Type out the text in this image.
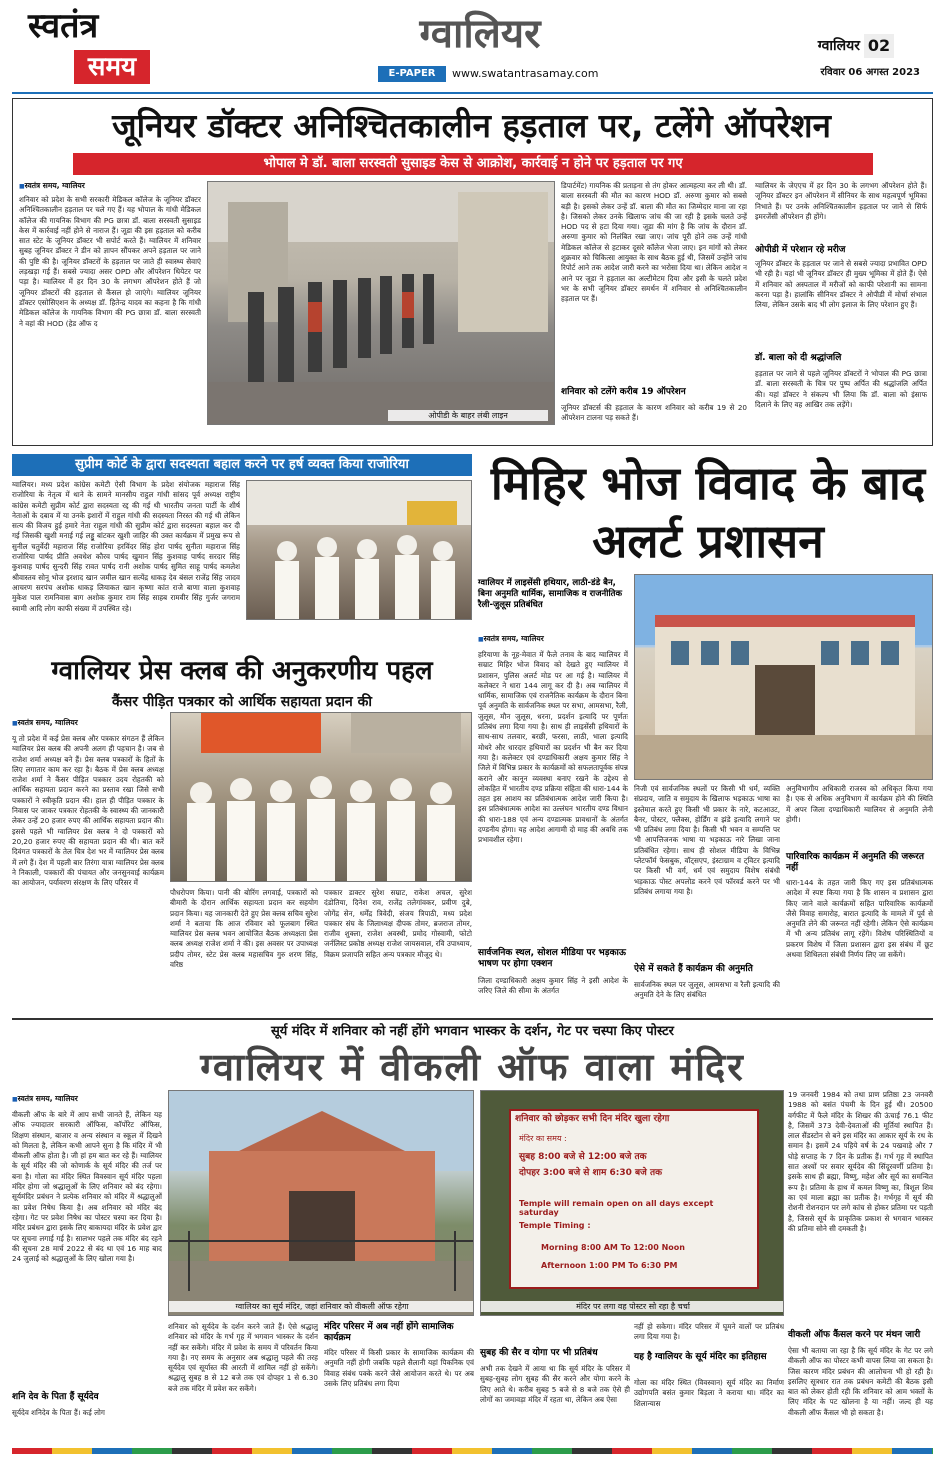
स्वतंत्र
समय
ग्वालियर
E-PAPER	www.swatantrasamay.com
ग्वालियर 02
रविवार 06 अगस्त 2023
जूनियर डॉक्टर अनिश्चितकालीन हड़ताल पर, टलेंगे ऑपरेशन
भोपाल मे डॉ. बाला सरस्वती सुसाइड केस से आक्रोश, कार्रवाई न होने पर हड़ताल पर गए
■ स्वतंत्र समय, ग्वालियर
शनिवार को प्रदेश के सभी सरकारी मेडिकल कॉलेज के जूनियर डॉक्टर अनिश्चितकालीन हड़ताल पर चले गए हैं। यह भोपाल के गांधी मेडिकल कॉलेज की गायनिक विभाग की PG छात्रा डॉ. बाला सरस्वती सुसाइड केस में कार्रवाई नहीं होने से नाराज हैं। जूडा की इस हड़ताल को करीब सात स्टेट के जूनियर डॉक्टर भी सपोर्ट करते हैं। ग्वालियर में शनिवार सुबह जूनियर डॉक्टर ने डीन को ज्ञापन सौंपकर अपने हड़ताल पर जाने की पुष्टि की है। जूनियर डॉक्टरों के हड़ताल पर जाते ही स्वास्थ्य सेवाएं लड़खड़ा गई हैं। सबसे ज्यादा असर OPD और ऑपरेशन थियेटर पर पड़ा है। ग्वालियर में हर दिन 30 के लगभग ऑपरेशन होते हैं जो जूनियर डॉक्टरों की हड़ताल से कैंसल हो जाएंगे। ग्वालियर जूनियर डॉक्टर एसोसिएशन के अध्यक्ष डॉ. हितेन्द्र यादव का कहना है कि गांधी मेडिकल कॉलेज के गायनिक विभाग की PG छात्रा डॉ. बाला सरस्वती ने वहां की HOD (हेड ऑफ द
ओपीडी के बाहर लंबी लाइन
डिपार्टमेंट) गायनिक की प्रताड़ना से तंग होकर आत्महत्या कर ली थी। डॉ. बाला सरस्वती की मौत का कारण HOD डॉ. अरुणा कुमार को सबसे बड़ी है। इसको लेकर उन्हें डॉ. बाला की मौत का जिम्मेदार माना जा रहा है। जिसको लेकर उनके खिलाफ जांच की जा रही है इसके चलते उन्हें HOD पद से हटा दिया गया। जूडा की मांग है कि जांच के दौरान डॉ. अरुणा कुमार को निलंबित रखा जाए। जांच पूरी होने तक उन्हें गांधी मेडिकल कॉलेज से हटाकर दूसरे कॉलेज भेजा जाए। इन मांगों को लेकर शुक्रवार को चिकित्सा आयुक्त के साथ बैठक हुई थी, जिसमें उन्होंने जांच रिपोर्ट आने तक आदेश जारी करने का भरोसा दिया था। लेकिन आदेश न आने पर जूडा ने हड़ताल का अल्टीमेटम दिया और इसी के चलते प्रदेश भर के सभी जूनियर डॉक्टर समर्थन में शनिवार से अनिश्चितकालीन हड़ताल पर हैं।
शनिवार को टलेंगे करीब 19 ऑपरेशन
जूनियर डॉक्टर्स की हड़ताल के कारण शनिवार को करीब 19 से 20 ऑपरेशन टालना पड़ सकते हैं।
ग्वालियर के जेएएच में हर दिन 30 के लगभग ऑपरेशन होते हैं। जूनियर डॉक्टर इन ऑपरेशन में सीनियर के साथ महत्वपूर्ण भूमिका निभाते हैं। पर उनके अनिश्चितकालीन हड़ताल पर जाने से सिर्फ इमरजेंसी ऑपरेशन ही होंगे।
ओपीडी में परेशान रहे मरीज
जूनियर डॉक्टर के हड़ताल पर जाने से सबसे ज्यादा प्रभावित OPD भी रही है। यहां भी जूनियर डॉक्टर ही मुख्य भूमिका में होते हैं। ऐसे में शनिवार को अस्पताल में मरीजों को काफी परेशानी का सामना करना पड़ा है। हालांकि सीनियर डॉक्टर ने ओपीडी में मोर्चा संभाल लिया, लेकिन उसके बाद भी लोग इलाज के लिए परेशान हुए हैं।
डॉ. बाला को दी श्रद्धांजलि
हड़ताल पर जाने से पहले जूनियर डॉक्टरों ने भोपाल की PG छात्रा डॉ. बाला सरस्वती के चित्र पर पुष्प अर्पित की श्रद्धांजलि अर्पित की। यहां डॉक्टर ने संकल्प भी लिया कि डॉ. बाला को इंसाफ दिलाने के लिए वह आखिर तक लड़ेंगे।
सुप्रीम कोर्ट के द्वारा सदस्यता बहाल करने पर हर्ष व्यक्त किया राजोरिया
ग्वालियर। मध्य प्रदेश कांग्रेस कमेटी ऐसी विभाग के प्रदेश संयोजक महाराज सिंह राजोरिया के नेतृत्व में थाने के सामने मानसीय राहुल गांधी सांसद पूर्व अध्यक्ष राष्ट्रीय कांग्रेस कमेटी सुप्रीम कोर्ट द्वारा सदस्यता रद्द की गई थी भारतीय जनता पार्टी के शीर्ष नेताओं के दबाव में या उनके इशारों में राहुल गांधी की सदस्यता निरस्त की गई थी लेकिन सत्य की विजय हुई हमारे नेता राहुल गांधी की सुप्रीम कोर्ट द्वारा सदस्यता बहाल कर दी गई जिसकी खुशी मनाई गई लड्डू बांटकर खुशी जाहिर की उक्त कार्यक्रम में प्रमुख रूप से सुनील चतुर्वेदी महाराज सिंह राजोरिया हरविंदर सिंह होरा पार्षद सुनीता महाराज सिंह राजोरिया पार्षद प्रीति अवधेश कौरव पार्षद खुमान सिंह कुशवाह पार्षद सरदार सिंह कुशवाह पार्षद सुन्दरी सिंह रावत पार्षद रानी अशोक पार्षद सुमित साहू पार्षद कमलेश श्रीवास्तव सोनू भोज इरशाद खान जमील खान सत्येंद्र धाकड़ देव बंसल राजेंद्र सिंह जादव आचरण सरपंच अशोक धाकड़ लियाकत खान कृष्णा कांत राजे बाणा वाला कुशवाह मुकेश पाल रामनिवास बाग अशोक कुमार राम सिंह साहब रामवीर सिंह गुर्जर जगराम स्वामी आदि लोग काफी संख्या में उपस्थित रहे।
ग्वालियर प्रेस क्लब की अनुकरणीय पहल
कैंसर पीड़ित पत्रकार को आर्थिक सहायता प्रदान की
■ स्वतंत्र समय, ग्वालियर
यू तो प्रदेश में कई प्रेस क्लब और पत्रकार संगठन हैं लेकिन ग्वालियर प्रेस क्लब की अपनी अलग ही पहचान है। जब से राजेश शर्मा अध्यक्ष बने हैं। प्रेस क्लब पत्रकारों के हितों के लिए लगातार काम कर रहा है। बैठक में प्रेस क्लब अध्यक्ष राजेश शर्मा ने कैंसर पीड़ित पत्रकार उदय रोहतकी को आर्थिक सहायता प्रदान करने का प्रस्ताव रखा जिसे सभी पत्रकारों ने स्वीकृति प्रदान की। हाल ही पीड़ित पत्रकार के निवास पर जाकर पत्रकार रोहतकी के स्वास्थ्य की जानकारी लेकर उन्हें 20 हजार रुपए की आर्थिक सहायता प्रदान की। इससे पहले भी ग्वालियर प्रेस क्लब ने दो पत्रकारों को 20,20 हजार रुपए की सहायता प्रदान की थी। बात करें दिवंगत पत्रकारों के तेल चित्र देश भर में ग्वालियर प्रेस क्लब में लगे हैं। देश में पहली बार तिरंगा यात्रा ग्वालियर प्रेस क्लब ने निकाली, पत्रकारों की पंचायत और जनसुनवाई कार्यक्रम का आयोजन, पर्यावरण संरक्षण के लिए परिसर में
पौधरोपण किया। पानी की बोरिंग लगवाई, पत्रकारों को बीमारी के दौरान आर्थिक सहायता प्रदान कर सहयोग प्रदान किया। यह जानकारी देते हुए प्रेस क्लब सचिव सुरेश शर्मा ने बताया कि आज रविवार को फूलबाग स्थित ग्वालियर प्रेस क्लब भवन आयोजित बैठक अध्यक्षता प्रेस क्लब अध्यक्ष राजेश शर्मा ने की। इस अवसर पर उपाध्यक्ष प्रदीप तोमर, स्टेट प्रेस क्लब महासचिव गुरु शरण सिंह, वरिष्ठ
पत्रकार डाक्टर सुरेश सम्राट, राकेश अचल, सुरेश दंडोतिया, दिनेश राव, राजेंद्र तलेगांवकर, प्रवीण दुबे, जोगेंद्र सेन, धर्मेंद्र त्रिवेदी, संजय त्रिपाठी, मध्य प्रदेश पत्रकार संघ के जिलाध्यक्ष दीपक तोमर, ब्रजराज तोमर, राजीव शुक्ला, राजेश अवस्थी, प्रमोद गोस्वामी, फोटो जर्नलिस्ट प्रकोष्ठ अध्यक्ष राजेश जायसवाल, रवि उपाध्याय, विक्रम प्रजापति सहित अन्य पत्रकार मौजूद थे।
मिहिर भोज विवाद के बाद अलर्ट प्रशासन
ग्वालियर में लाइसेंसी हथियार, लाठी-डंडे बैन, बिना अनुमति धार्मिक, सामाजिक व राजनीतिक रैली-जुलूस प्रतिबंधित
■ स्वतंत्र समय, ग्वालियर
हरियाणा के नूह-मेवात में फैले तनाव के बाद ग्वालियर में सम्राट मिहिर भोज विवाद को देखते हुए ग्वालियर में प्रशासन, पुलिस अलर्ट मोड पर आ गई है। ग्वालियर में कलेक्टर ने धारा 144 लागू कर दी है। अब ग्वालियर में धार्मिक, सामाजिक एवं राजनैतिक कार्यक्रम के दौरान बिना पूर्व अनुमति के सार्वजनिक स्थल पर सभा, आमसभा, रैली, जुलूस, मौन जुलूस, धरना, प्रदर्शन इत्यादि पर पूर्णतः प्रतिबंध लगा दिया गया है। साथ ही लाइसेंसी हथियारों के साथ-साथ तलवार, बरछी, फरसा, लाठी, भाला इत्यादि मोथरे और धारदार हथियारों का प्रदर्शन भी बैन कर दिया गया है। कलेक्टर एवं दण्डाधिकारी अक्षय कुमार सिंह ने जिले में विभिन्न प्रकार के कार्यक्रमों को सफलतापूर्वक संपन्न कराने और कानून व्यवस्था बनाए रखने के उद्देश्य से लोकहित में भारतीय दण्ड प्रक्रिया संहिता की धारा-144 के तहत इस आशय का प्रतिबंधात्मक आदेश जारी किया है। इस प्रतिबंधात्मक आदेश का उल्लंघन भारतीय दण्ड विधान की धारा-188 एवं अन्य दण्डात्मक प्रावधानों के अंतर्गत दण्डनीय होगा। यह आदेश आगामी दो माह की अवधि तक प्रभावशील रहेगा।
सार्वजनिक स्थल, सोशल मीडिया पर भड़काऊ भाषण पर होगा एक्शन
जिला दण्डाधिकारी अक्षय कुमार सिंह ने इसी आदेश के जरिए जिले की सीमा के अंतर्गत
निजी एवं सार्वजनिक स्थलों पर किसी भी धर्म, व्यक्ति संप्रदाय, जाति व समुदाय के खिलाफ भड़काऊ भाषा का इस्तेमाल करते हुए किसी भी प्रकार के नारे, कटआउट, बैनर, पोस्टर, फ्लैक्स, होर्डिंग व झंडे इत्यादि लगाने पर भी प्रतिबंध लगा दिया है। किसी भी भवन व सम्पत्ति पर भी आपत्तिजनक भाषा या भड़काऊ नारे लिखा जाना प्रतिबंधित रहेगा। साथ ही सोशल मीडिया के विभिन्न प्लेटफॉर्म फेसबुक, वॉट्सएप, इंस्टाग्राम व ट्विटर इत्यादि पर किसी भी वर्ग, धर्म एवं समुदाय विशेष संबंधी भड़काऊ पोस्ट अपलोड करने एवं फॉरवर्ड करने पर भी प्रतिबंध लगाया गया है।
ऐसे में सकते हैं कार्यक्रम की अनुमति
सार्वजनिक स्थल पर जुलूस, आमसभा व रैली इत्यादि की अनुमति देने के लिए संबंधित
अनुविभागीय अधिकारी राजस्व को अधिकृत किया गया है। एक से अधिक अनुविभाग में कार्यक्रम होने की स्थिति में अपर जिला दण्डाधिकारी ग्वालियर से अनुमति लेनी होगी।
पारिवारिक कार्यक्रम में अनुमति की जरूरत नहीं
धारा-144 के तहत जारी किए गए इस प्रतिबंधात्मक आदेश में स्पष्ट किया गया है कि शासन व प्रशासन द्वारा किए जाने वाले कार्यक्रमों सहित पारिवारिक कार्यक्रमों जैसे विवाह समारोह, बारात इत्यादि के मामले में पूर्व से अनुमति लेने की जरूरत नहीं रहेगी। लेकिन ऐसे कार्यक्रम में भी अन्य प्रतिबंध लागू रहेंगे। विशेष परिस्थितियों व प्रकरण विशेष में जिला प्रशासन द्वारा इस संबंध में छूट अथवा शिथिलता संबंधी निर्णय लिए जा सकेंगे।
सूर्य मंदिर में शनिवार को नहीं होंगे भगवान भास्कर के दर्शन, गेट पर चस्पा किए पोस्टर
ग्वालियर में वीकली ऑफ वाला मंदिर
■ स्वतंत्र समय, ग्वालियर
वीकली ऑफ के बारे में आप सभी जानते हैं, लेकिन यह ऑफ ज्यादातर सरकारी ऑफिस, कॉर्पोरेट ऑफिस, शिक्षण संस्थान, बाजार व अन्य संस्थान व स्कूल में दिखने को मिलता है, लेकिन कभी आपने सुना है कि मंदिर में भी वीकली ऑफ होता है। जी हां हम बात कर रहे हैं। ग्वालियर के सूर्य मंदिर की जो कोणार्क के सूर्य मंदिर की तर्ज पर बना है। गोला का मंदिर स्थित विवस्वान सूर्य मंदिर पहला मंदिर होगा जो श्रद्धालुओं के लिए शनिवार को बंद रहेगा। सूर्यमंदिर प्रबंधन ने प्रत्येक शनिवार को मंदिर में श्रद्धालुओं का प्रवेश निषेध किया है। अब शनिवार को मंदिर बंद रहेगा। गेट पर प्रवेश निषेध का पोस्टर चस्पा कर दिया है। मंदिर प्रबंधन द्वारा इसके लिए बाकायदा मंदिर के प्रवेश द्वार पर सूचना लगाई गई है। सालभर पहले तक मंदिर बंद रहने की सूचना 28 मार्च 2022 से बंद था एवं 16 माह बाद 24 जुलाई को श्रद्धालुओं के लिए खोला गया है।
शनि देव के पिता हैं सूर्यदेव
सूर्यदेव शनिदेव के पिता हैं। कई लोग
ग्वालियर का सूर्य मंदिर, जहां शनिवार को वीकली ऑफ रहेगा
शनिवार को छोड़कर सभी दिन मंदिर खुला रहेगा
मंदिर का समय :
सुबह 8:00 बजे से 12:00 बजे तक
दोपहर 3:00 बजे से शाम 6:30 बजे तक
Temple will remain open on all days except saturday
Temple Timing :
Morning 8:00 AM To 12:00 Noon
Afternoon 1:00 PM To 6:30 PM
मंदिर पर लगा वह पोस्टर सो रहा है चर्चा
शनिवार को सूर्यदेव के दर्शन करने जाते हैं। ऐसे श्रद्धालु शनिवार को मंदिर के गर्भ गृह में भगवान भास्कर के दर्शन नहीं कर सकेंगे। मंदिर में प्रवेश के समय में परिवर्तन किया गया है। नए समय के अनुसार अब श्रद्धालु पहले की तरह सूर्यदेव एवं सूर्यास्त की आरती में शामिल नहीं हो सकेंगे। श्रद्धालु सुबह 8 से 12 बजे तक एवं दोपहर 1 से 6.30 बजे तक मंदिर में प्रवेश कर सकेंगे।
मंदिर परिसर में अब नहीं होंगे सामाजिक कार्यक्रम
मंदिर परिसर में किसी प्रकार के सामाजिक कार्यक्रम की अनुमति नहीं होगी जबकि पहले सैलानी यहां पिकनिक एवं विवाह संबंध पक्के करने जैसे आयोजन करते थे। पर अब उसके लिए प्रतिबंध लगा दिया
सुबह की सैर व योगा पर भी प्रतिबंध
अभी तक देखने में आया था कि सूर्य मंदिर के परिसर में सुबह-सुबह लोग सुबह की सैर करने और योगा करने के लिए आते थे। करीब सुबह 5 बजे से 8 बजे तक ऐसे ही लोगों का जमावड़ा मंदिर में रहता था, लेकिन अब ऐसा
नहीं हो सकेगा। मंदिर परिसर में घूमने वालों पर प्रतिबंध लगा दिया गया है।
यह है ग्वालियर के सूर्य मंदिर का इतिहास
गोला का मंदिर स्थित (विवस्वान) सूर्य मंदिर का निर्माण उद्योगपति बसंत कुमार बिड़ला ने कराया था। मंदिर का शिलान्यास
19 जनवरी 1984 को तथा प्राण प्रतिष्ठा 23 जनवरी 1988 को बसंत पंचमी के दिन हुई थी। 20500 वर्गफीट में फैले मंदिर के शिखर की ऊंचाई 76.1 फीट है, जिसमें 373 देवी-देवताओं की मूर्तियां स्थापित हैं। लाल सैंडस्टोन से बने इस मंदिर का आकार सूर्य के रथ के समान है। इसमें 24 पहिये वर्ष के 24 पखवाड़े और 7 घोड़े सप्ताह के 7 दिन के प्रतीक हैं। गर्भ गृह में स्थापित सात अश्वों पर सवार सूर्यदेव की सिंदूरवर्णी प्रतिमा है। इसके साथ ही ब्रह्मा, विष्णु, महेश और सूर्य का समन्वित रूप है। प्रतिमा के हाथ में कमल विष्णु का, त्रिशूल शिव का एवं माला ब्रह्मा का प्रतीक है। गर्भगृह में सूर्य की रोशनी रोशनदान पर लगे कांच से होकर प्रतिमा पर पड़ती है, जिससे सूर्य के प्राकृतिक प्रकाश से भगवान भास्कर की प्रतिमा सोने सी दमकती है।
वीकली ऑफ कैंसल करने पर मंथन जारी
ऐसा भी बताया जा रहा है कि सूर्य मंदिर के गेट पर लगे वीकली ऑफ का पोस्टर कभी वापस लिया जा सकता है। जिस कारण मंदिर प्रबंधन की आलोचना भी हो रही है। इसलिए सूत्रधार रात तक प्रबंधन कमेटी की बैठक इसी बात को लेकर होती रही कि शनिवार को आम भक्तों के लिए मंदिर के पट खोलना है या नहीं। जल्द ही यह वीकली ऑफ कैंसल भी हो सकता है।
